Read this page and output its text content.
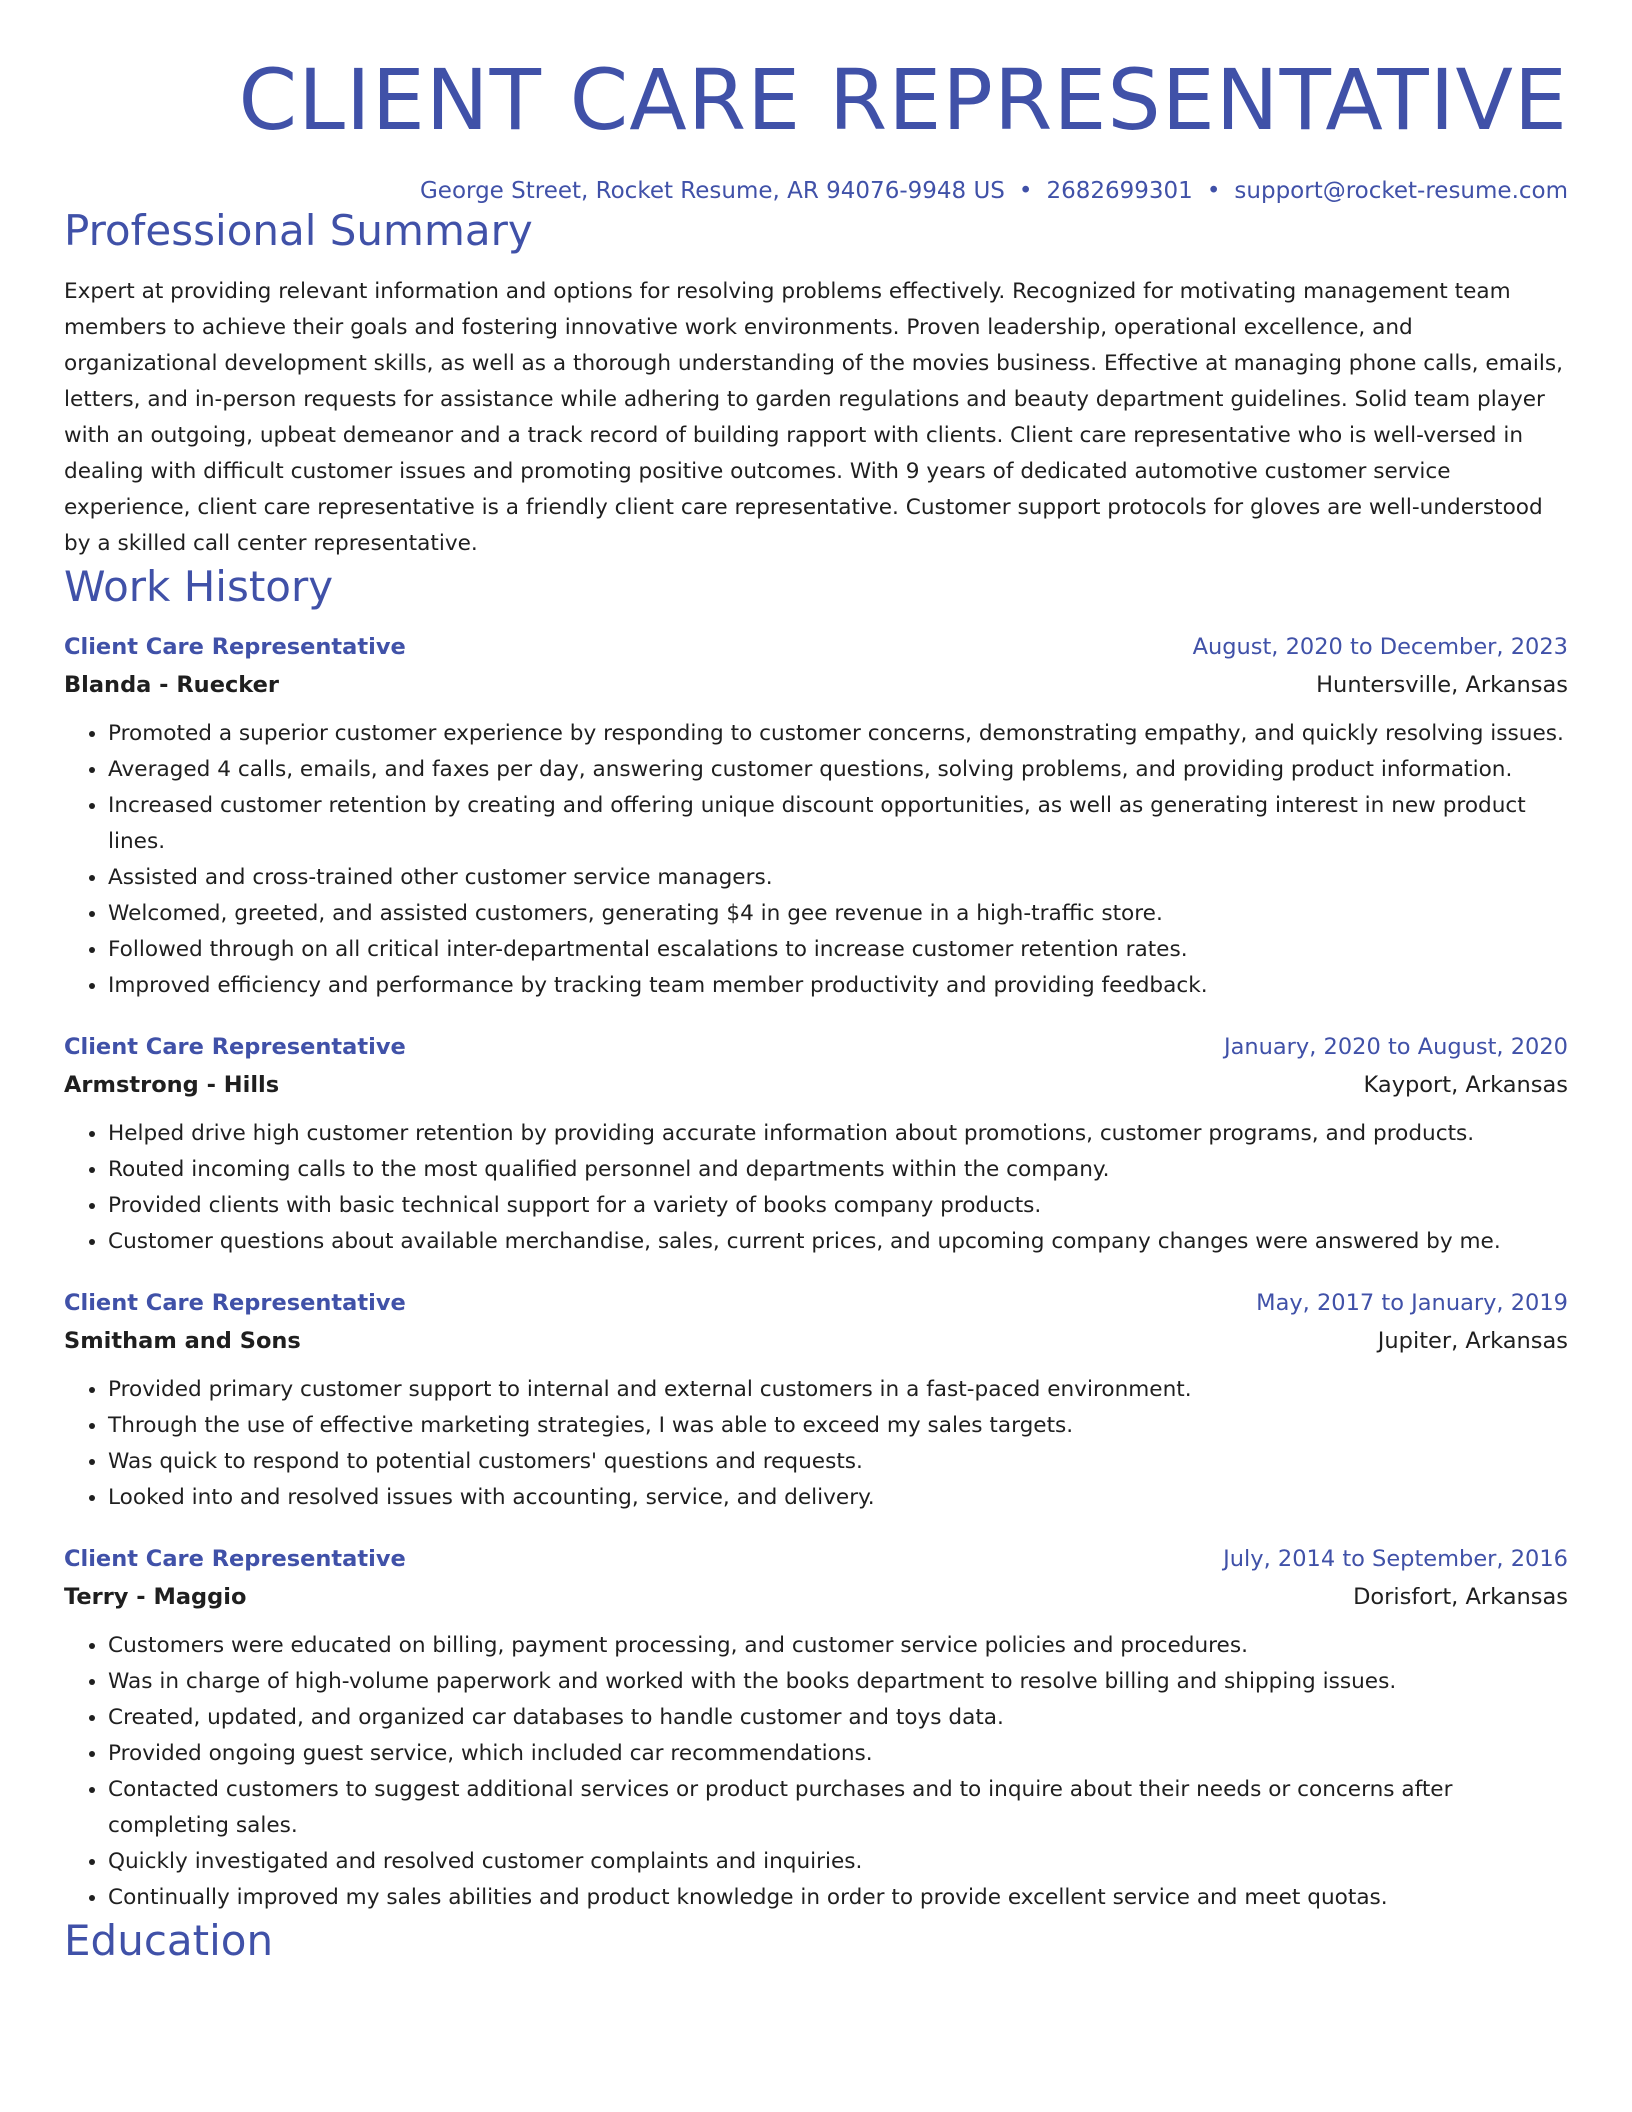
CLIENT CARE REPRESENTATIVE
George Street, Rocket Resume, AR 94076-9948 US • 2682699301 • support@rocket-resume.com
Professional Summary

Expert at providing relevant information and options for resolving problems effectively. Recognized for motivating management team members to achieve their goals and fostering innovative work environments. Proven leadership, operational excellence, and organizational development skills, as well as a thorough understanding of the movies business. Effective at managing phone calls, emails, letters, and in-person requests for assistance while adhering to garden regulations and beauty department guidelines. Solid team player with an outgoing, upbeat demeanor and a track record of building rapport with clients. Client care representative who is well-versed in dealing with difficult customer issues and promoting positive outcomes. With 9 years of dedicated automotive customer service experience, client care representative is a friendly client care representative. Customer support protocols for gloves are well-understood by a skilled call center representative.

Work History
Client Care Representative	August, 2020 to December, 2023
Blanda - Ruecker	Huntersville, Arkansas
• Promoted a superior customer experience by responding to customer concerns, demonstrating empathy, and quickly resolving issues.
• Averaged 4 calls, emails, and faxes per day, answering customer questions, solving problems, and providing product information.
• Increased customer retention by creating and offering unique discount opportunities, as well as generating interest in new product lines.
• Assisted and cross-trained other customer service managers.
• Welcomed, greeted, and assisted customers, generating $4 in gee revenue in a high-traffic store.
• Followed through on all critical inter-departmental escalations to increase customer retention rates.
• Improved efficiency and performance by tracking team member productivity and providing feedback.
Client Care Representative	January, 2020 to August, 2020
Armstrong - Hills	Kayport, Arkansas
• Helped drive high customer retention by providing accurate information about promotions, customer programs, and products.
• Routed incoming calls to the most qualified personnel and departments within the company.
• Provided clients with basic technical support for a variety of books company products.
• Customer questions about available merchandise, sales, current prices, and upcoming company changes were answered by me.
Client Care Representative	May, 2017 to January, 2019
Smitham and Sons	Jupiter, Arkansas
• Provided primary customer support to internal and external customers in a fast-paced environment.
• Through the use of effective marketing strategies, I was able to exceed my sales targets.
• Was quick to respond to potential customers' questions and requests.
• Looked into and resolved issues with accounting, service, and delivery.
Client Care Representative	July, 2014 to September, 2016
Terry - Maggio	Dorisfort, Arkansas
• Customers were educated on billing, payment processing, and customer service policies and procedures.
• Was in charge of high-volume paperwork and worked with the books department to resolve billing and shipping issues.
• Created, updated, and organized car databases to handle customer and toys data.
• Provided ongoing guest service, which included car recommendations.
• Contacted customers to suggest additional services or product purchases and to inquire about their needs or concerns after completing sales.
• Quickly investigated and resolved customer complaints and inquiries.
• Continually improved my sales abilities and product knowledge in order to provide excellent service and meet quotas.
Education
